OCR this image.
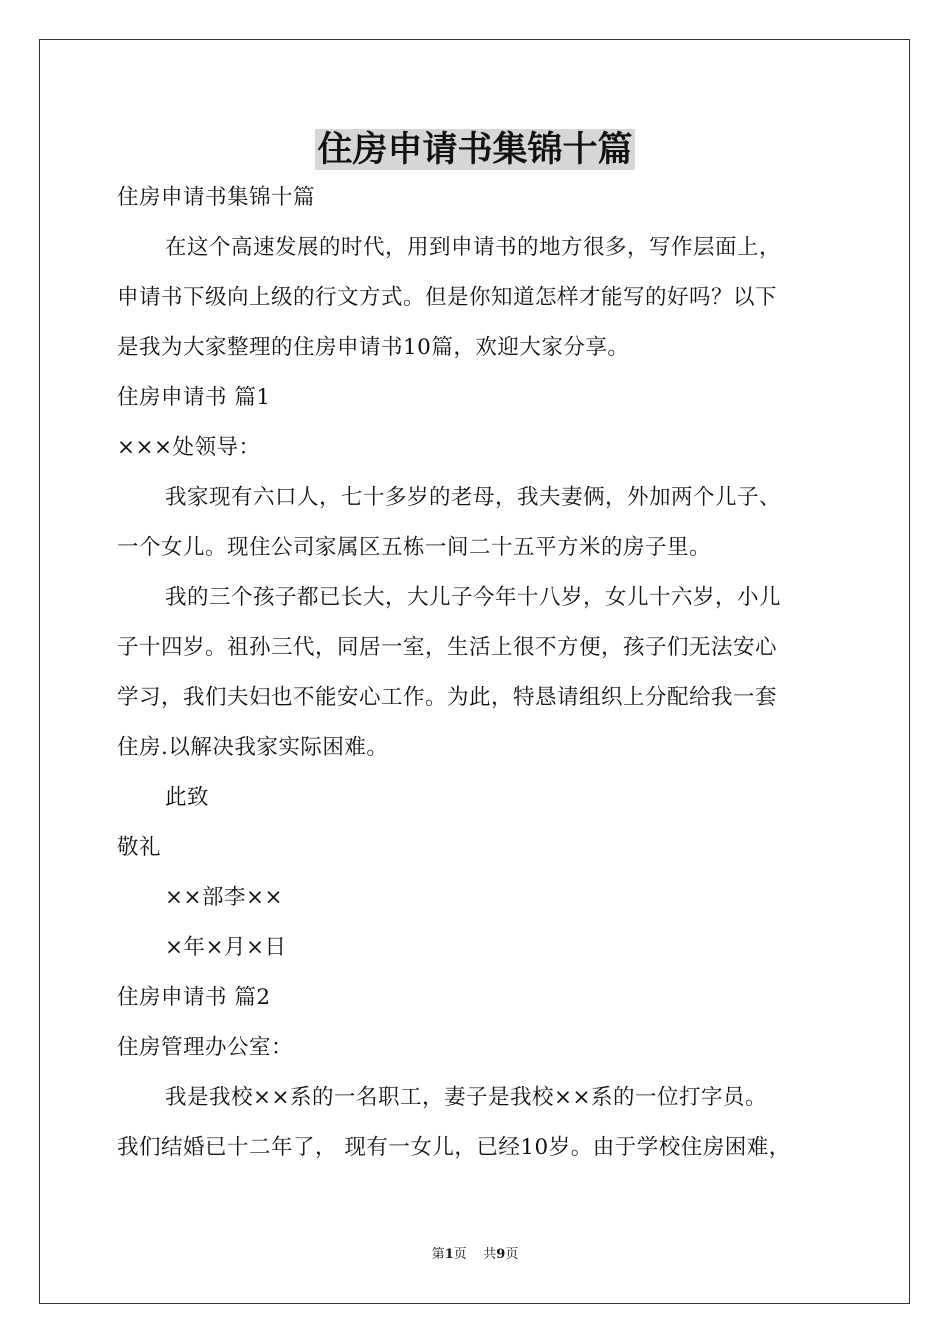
住房申请书集锦十篇
住房申请书集锦十篇
在这个高速发展的时代，用到申请书的地方很多，写作层面上，
申请书下级向上级的行文方式。但是你知道怎样才能写的好吗？以下
是我为大家整理的住房申请书10篇，欢迎大家分享。
住房申请书 篇1
×××处领导：
我家现有六口人，七十多岁的老母，我夫妻俩，外加两个儿子、
一个女儿。现住公司家属区五栋一间二十五平方米的房子里。
我的三个孩子都已长大，大儿子今年十八岁，女儿十六岁，小儿
子十四岁。祖孙三代，同居一室，生活上很不方便，孩子们无法安心
学习，我们夫妇也不能安心工作。为此，特恳请组织上分配给我一套
住房.以解决我家实际困难。
此致
敬礼
××部李××
×年×月×日
住房申请书 篇2
住房管理办公室：
我是我校××系的一名职工，妻子是我校××系的一位打字员。
我们结婚已十二年了， 现有一女儿，已经10岁。由于学校住房困难，
第1页    共9页
